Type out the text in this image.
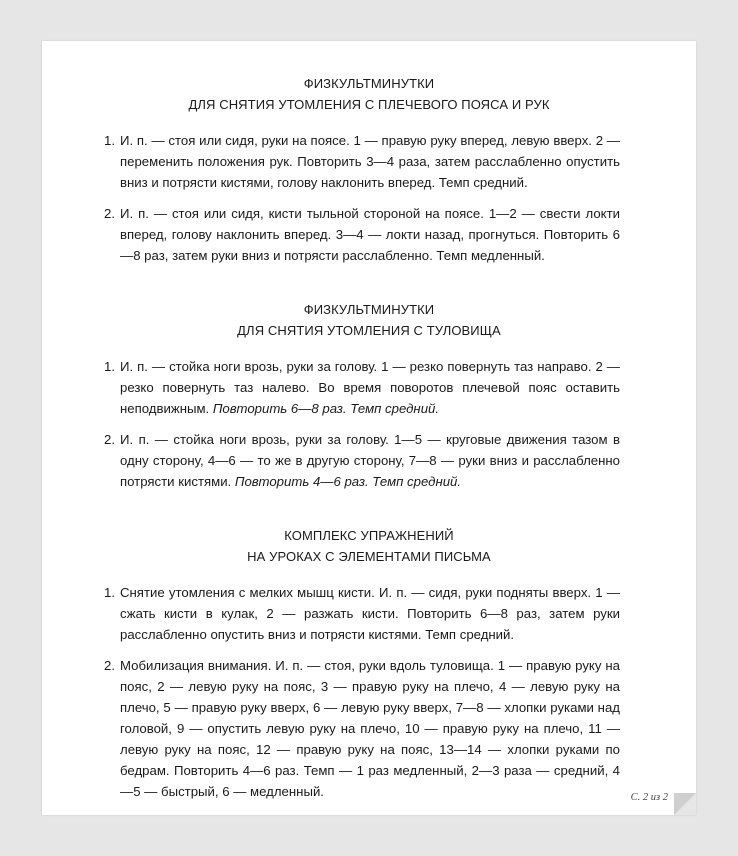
ФИЗКУЛЬТМИНУТКИ

ДЛЯ СНЯТИЯ УТОМЛЕНИЯ С ПЛЕЧЕВОГО ПОЯСА И РУК

1. И. п. — стоя или сидя, руки на поясе. 1 — правую руку вперед, левую вверх. 2 — переменить положения рук. Повторить 3—4 раза, затем расслабленно опустить вниз и потрясти кистями, голову наклонить вперед. Темп средний.
2. И. п. — стоя или сидя, кисти тыльной стороной на поясе. 1—2 — свести локти вперед, голову наклонить вперед. 3—4 — локти назад, прогнуться. Повторить 6—8 раз, затем руки вниз и потрясти расслабленно. Темп медленный.

ФИЗКУЛЬТМИНУТКИ

ДЛЯ СНЯТИЯ УТОМЛЕНИЯ С ТУЛОВИЩА

1. И. п. — стойка ноги врозь, руки за голову. 1 — резко повернуть таз направо. 2 — резко повернуть таз налево. Во время поворотов плечевой пояс оставить неподвижным. Повторить 6—8 раз. Темп средний.
2. И. п. — стойка ноги врозь, руки за голову. 1—5 — круговые движения тазом в одну сторону, 4—6 — то же в другую сторону, 7—8 — руки вниз и расслабленно потрясти кистями. Повторить 4—6 раз. Темп средний.

КОМПЛЕКС УПРАЖНЕНИЙ

НА УРОКАХ С ЭЛЕМЕНТАМИ ПИСЬМА

1. Снятие утомления с мелких мышц кисти. И. п. — сидя, руки подняты вверх. 1 — сжать кисти в кулак, 2 — разжать кисти. Повторить 6—8 раз, затем руки расслабленно опустить вниз и потрясти кистями. Темп средний.
2. Мобилизация внимания. И. п. — стоя, руки вдоль туловища. 1 — правую руку на пояс, 2 — левую руку на пояс, 3 — правую руку на плечо, 4 — левую руку на плечо, 5 — правую руку вверх, 6 — левую руку вверх, 7—8 — хлопки руками над головой, 9 — опустить левую руку на плечо, 10 — правую руку на плечо, 11 — левую руку на пояс, 12 — правую руку на пояс, 13—14 — хлопки руками по бедрам. Повторить 4—6 раз. Темп — 1 раз медленный, 2—3 раза — средний, 4—5 — быстрый, 6 — медленный.	С. 2 из 2
